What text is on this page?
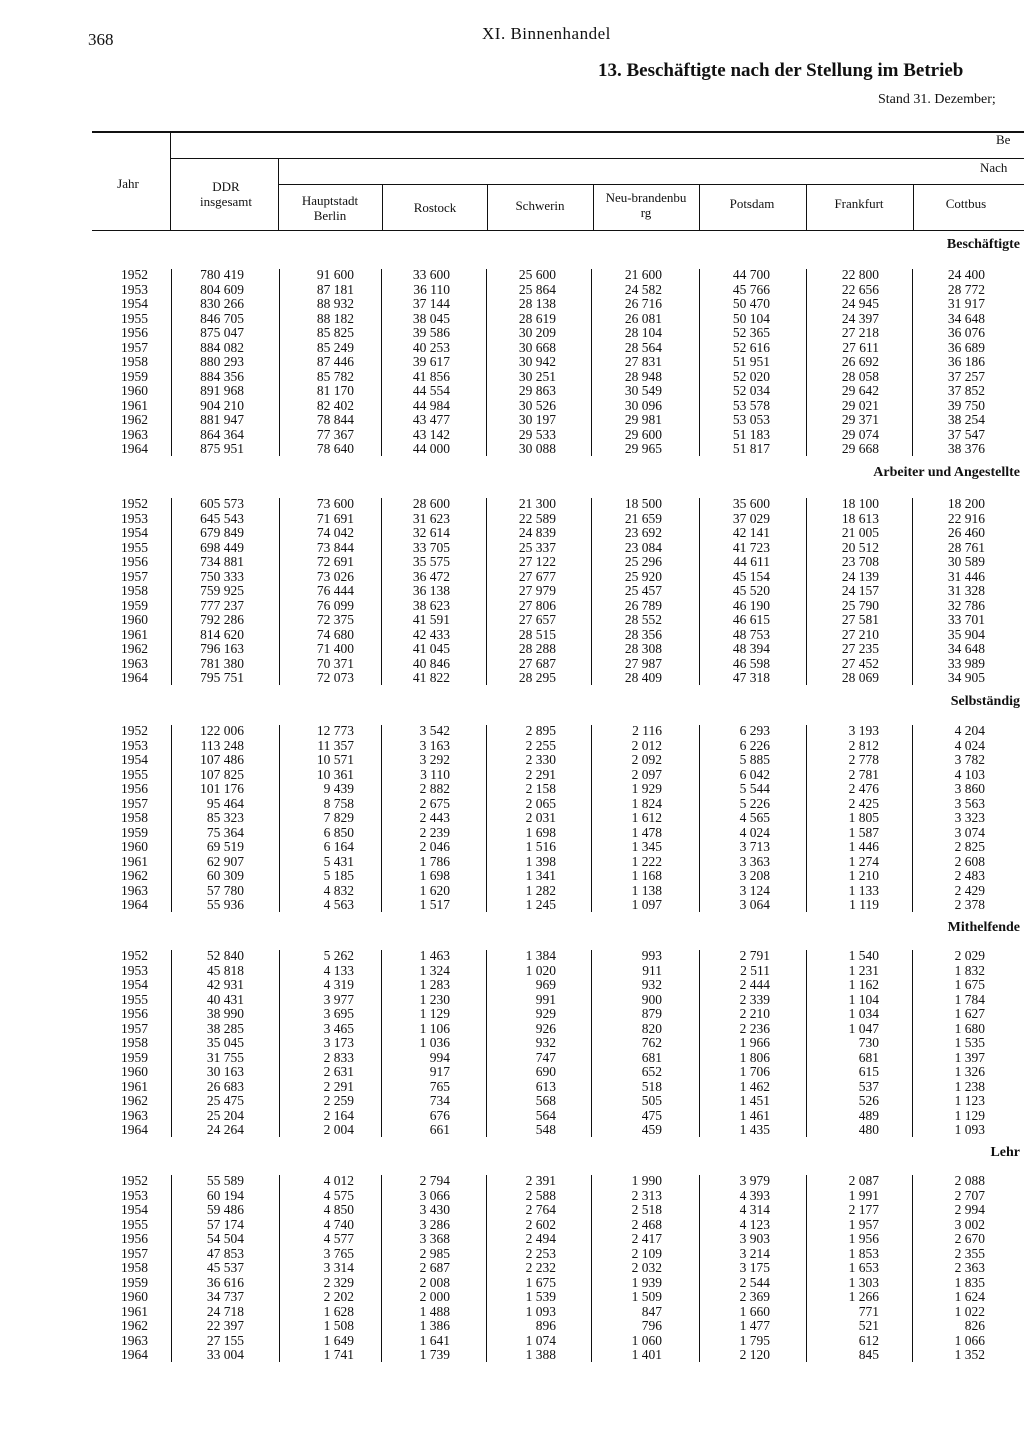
368	XI. Binnenhandel
13. Beschäftigte nach der Stellung im Betrieb
Stand 31. Dezember;
Jahr	DDR insgesamt
Be
Nach
Hauptstadt Berlin
Rostock	Schwerin
Neu-brandenburg
Potsdam	Frankfurt	Cottbus
Beschäftigte
1952	780 419	91 600	33 600	25 600	21 600	44 700	22 800	24 400
1953	804 609	87 181	36 110	25 864	24 582	45 766	22 656	28 772
1954	830 266	88 932	37 144	28 138	26 716	50 470	24 945	31 917
1955	846 705	88 182	38 045	28 619	26 081	50 104	24 397	34 648
1956	875 047	85 825	39 586	30 209	28 104	52 365	27 218	36 076
1957	884 082	85 249	40 253	30 668	28 564	52 616	27 611	36 689
1958	880 293	87 446	39 617	30 942	27 831	51 951	26 692	36 186
1959	884 356	85 782	41 856	30 251	28 948	52 020	28 058	37 257
1960	891 968	81 170	44 554	29 863	30 549	52 034	29 642	37 852
1961	904 210	82 402	44 984	30 526	30 096	53 578	29 021	39 750
1962	881 947	78 844	43 477	30 197	29 981	53 053	29 371	38 254
1963	864 364	77 367	43 142	29 533	29 600	51 183	29 074	37 547
1964	875 951	78 640	44 000	30 088	29 965	51 817	29 668	38 376
Arbeiter und Angestellte
1952	605 573	73 600	28 600	21 300	18 500	35 600	18 100	18 200
1953	645 543	71 691	31 623	22 589	21 659	37 029	18 613	22 916
1954	679 849	74 042	32 614	24 839	23 692	42 141	21 005	26 460
1955	698 449	73 844	33 705	25 337	23 084	41 723	20 512	28 761
1956	734 881	72 691	35 575	27 122	25 296	44 611	23 708	30 589
1957	750 333	73 026	36 472	27 677	25 920	45 154	24 139	31 446
1958	759 925	76 444	36 138	27 979	25 457	45 520	24 157	31 328
1959	777 237	76 099	38 623	27 806	26 789	46 190	25 790	32 786
1960	792 286	72 375	41 591	27 657	28 552	46 615	27 581	33 701
1961	814 620	74 680	42 433	28 515	28 356	48 753	27 210	35 904
1962	796 163	71 400	41 045	28 288	28 308	48 394	27 235	34 648
1963	781 380	70 371	40 846	27 687	27 987	46 598	27 452	33 989
1964	795 751	72 073	41 822	28 295	28 409	47 318	28 069	34 905
Selbständig
1952	122 006	12 773	3 542	2 895	2 116	6 293	3 193	4 204
1953	113 248	11 357	3 163	2 255	2 012	6 226	2 812	4 024
1954	107 486	10 571	3 292	2 330	2 092	5 885	2 778	3 782
1955	107 825	10 361	3 110	2 291	2 097	6 042	2 781	4 103
1956	101 176	9 439	2 882	2 158	1 929	5 544	2 476	3 860
1957	95 464	8 758	2 675	2 065	1 824	5 226	2 425	3 563
1958	85 323	7 829	2 443	2 031	1 612	4 565	1 805	3 323
1959	75 364	6 850	2 239	1 698	1 478	4 024	1 587	3 074
1960	69 519	6 164	2 046	1 516	1 345	3 713	1 446	2 825
1961	62 907	5 431	1 786	1 398	1 222	3 363	1 274	2 608
1962	60 309	5 185	1 698	1 341	1 168	3 208	1 210	2 483
1963	57 780	4 832	1 620	1 282	1 138	3 124	1 133	2 429
1964	55 936	4 563	1 517	1 245	1 097	3 064	1 119	2 378
Mithelfende
1952	52 840	5 262	1 463	1 384	993	2 791	1 540	2 029
1953	45 818	4 133	1 324	1 020	911	2 511	1 231	1 832
1954	42 931	4 319	1 283	969	932	2 444	1 162	1 675
1955	40 431	3 977	1 230	991	900	2 339	1 104	1 784
1956	38 990	3 695	1 129	929	879	2 210	1 034	1 627
1957	38 285	3 465	1 106	926	820	2 236	1 047	1 680
1958	35 045	3 173	1 036	932	762	1 966	730	1 535
1959	31 755	2 833	994	747	681	1 806	681	1 397
1960	30 163	2 631	917	690	652	1 706	615	1 326
1961	26 683	2 291	765	613	518	1 462	537	1 238
1962	25 475	2 259	734	568	505	1 451	526	1 123
1963	25 204	2 164	676	564	475	1 461	489	1 129
1964	24 264	2 004	661	548	459	1 435	480	1 093
Lehr
1952	55 589	4 012	2 794	2 391	1 990	3 979	2 087	2 088
1953	60 194	4 575	3 066	2 588	2 313	4 393	1 991	2 707
1954	59 486	4 850	3 430	2 764	2 518	4 314	2 177	2 994
1955	57 174	4 740	3 286	2 602	2 468	4 123	1 957	3 002
1956	54 504	4 577	3 368	2 494	2 417	3 903	1 956	2 670
1957	47 853	3 765	2 985	2 253	2 109	3 214	1 853	2 355
1958	45 537	3 314	2 687	2 232	2 032	3 175	1 653	2 363
1959	36 616	2 329	2 008	1 675	1 939	2 544	1 303	1 835
1960	34 737	2 202	2 000	1 539	1 509	2 369	1 266	1 624
1961	24 718	1 628	1 488	1 093	847	1 660	771	1 022
1962	22 397	1 508	1 386	896	796	1 477	521	826
1963	27 155	1 649	1 641	1 074	1 060	1 795	612	1 066
1964	33 004	1 741	1 739	1 388	1 401	2 120	845	1 352
